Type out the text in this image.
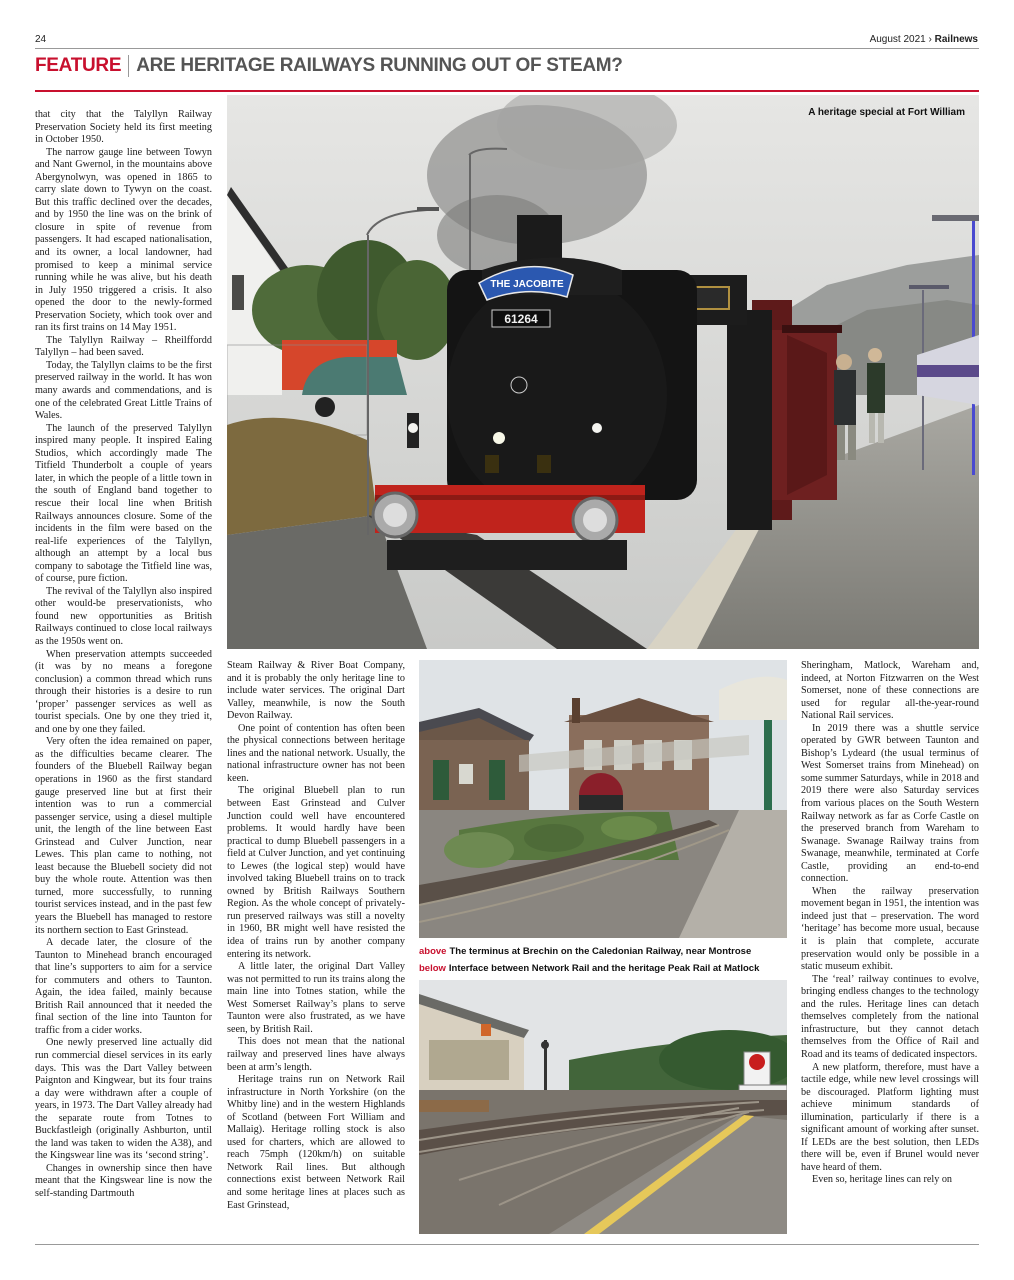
24	August 2021 › Railnews
FEATURE ARE HERITAGE RAILWAYS RUNNING OUT OF STEAM?

that city that the Talyllyn Railway Preservation Society held its first meeting in October 1950.

The narrow gauge line between Towyn and Nant Gwernol, in the mountains above Abergynolwyn, was opened in 1865 to carry slate down to Tywyn on the coast. But this traffic declined over the decades, and by 1950 the line was on the brink of closure in spite of revenue from passengers. It had escaped nationalisation, and its owner, a local landowner, had promised to keep a minimal service running while he was alive, but his death in July 1950 triggered a crisis. It also opened the door to the newly-formed Preservation Society, which took over and ran its first trains on 14 May 1951.

The Talyllyn Railway – Rheilffordd Talyllyn – had been saved.

Today, the Talyllyn claims to be the first preserved railway in the world. It has won many awards and commendations, and is one of the celebrated Great Little Trains of Wales.

The launch of the preserved Talyllyn inspired many people. It inspired Ealing Studios, which accordingly made The Titfield Thunderbolt a couple of years later, in which the people of a little town in the south of England band together to rescue their local line when British Railways announces closure. Some of the incidents in the film were based on the real-life experiences of the Talyllyn, although an attempt by a local bus company to sabotage the Titfield line was, of course, pure fiction.

The revival of the Talyllyn also inspired other would-be preservationists, who found new opportunities as British Railways continued to close local railways as the 1950s went on.

When preservation attempts succeeded (it was by no means a foregone conclusion) a common thread which runs through their histories is a desire to run ‘proper’ passenger services as well as tourist specials. One by one they tried it, and one by one they failed.

Very often the idea remained on paper, as the difficulties became clearer. The founders of the Bluebell Railway began operations in 1960 as the first standard gauge preserved line but at first their intention was to run a commercial passenger service, using a diesel multiple unit, the length of the line between East Grinstead and Culver Junction, near Lewes. This plan came to nothing, not least because the Bluebell society did not buy the whole route. Attention was then turned, more successfully, to running tourist services instead, and in the past few years the Bluebell has managed to restore its northern section to East Grinstead.

A decade later, the closure of the Taunton to Minehead branch encouraged that line’s supporters to aim for a service for commuters and others to Taunton. Again, the idea failed, mainly because British Rail announced that it needed the final section of the line into Taunton for traffic from a cider works.

One newly preserved line actually did run commercial diesel services in its early days. This was the Dart Valley between Paignton and Kingwear, but its four trains a day were withdrawn after a couple of years, in 1973. The Dart Valley already had the separate route from Totnes to Buckfastleigh (originally Ashburton, until the land was taken to widen the A38), and the Kingswear line was its ‘second string’.

Changes in ownership since then have meant that the Kingswear line is now the self-standing Dartmouth

THE JACOBITE
61264
A heritage special at Fort William

Steam Railway & River Boat Company, and it is probably the only heritage line to include water services. The original Dart Valley, meanwhile, is now the South Devon Railway.

One point of contention has often been the physical connections between heritage lines and the national network. Usually, the national infrastructure owner has not been keen.

The original Bluebell plan to run between East Grinstead and Culver Junction could well have encountered problems. It would hardly have been practical to dump Bluebell passengers in a field at Culver Junction, and yet continuing to Lewes (the logical step) would have involved taking Bluebell trains on to track owned by British Railways Southern Region. As the whole concept of privately-run preserved railways was still a novelty in 1960, BR might well have resisted the idea of trains run by another company entering its network.

A little later, the original Dart Valley was not permitted to run its trains along the main line into Totnes station, while the West Somerset Railway’s plans to serve Taunton were also frustrated, as we have seen, by British Rail.

This does not mean that the national railway and preserved lines have always been at arm’s length.

Heritage trains run on Network Rail infrastructure in North Yorkshire (on the Whitby line) and in the western Highlands of Scotland (between Fort William and Mallaig). Heritage rolling stock is also used for charters, which are allowed to reach 75mph (120km/h) on suitable Network Rail lines. But although connections exist between Network Rail and some heritage lines at places such as East Grinstead,

above The terminus at Brechin on the Caledonian Railway, near Montrose
below Interface between Network Rail and the heritage Peak Rail at Matlock

Sheringham, Matlock, Wareham and, indeed, at Norton Fitzwarren on the West Somerset, none of these connections are used for regular all-the-year-round National Rail services.

In 2019 there was a shuttle service operated by GWR between Taunton and Bishop’s Lydeard (the usual terminus of West Somerset trains from Minehead) on some summer Saturdays, while in 2018 and 2019 there were also Saturday services from various places on the South Western Railway network as far as Corfe Castle on the preserved branch from Wareham to Swanage. Swanage Railway trains from Swanage, meanwhile, terminated at Corfe Castle, providing an end-to-end connection.

When the railway preservation movement began in 1951, the intention was indeed just that – preservation. The word ‘heritage’ has become more usual, because it is plain that complete, accurate preservation would only be possible in a static museum exhibit.

The ‘real’ railway continues to evolve, bringing endless changes to the technology and the rules. Heritage lines can detach themselves completely from the national infrastructure, but they cannot detach themselves from the Office of Rail and Road and its teams of dedicated inspectors.

A new platform, therefore, must have a tactile edge, while new level crossings will be discouraged. Platform lighting must achieve minimum standards of illumination, particularly if there is a significant amount of working after sunset. If LEDs are the best solution, then LEDs there will be, even if Brunel would never have heard of them.

Even so, heritage lines can rely on
